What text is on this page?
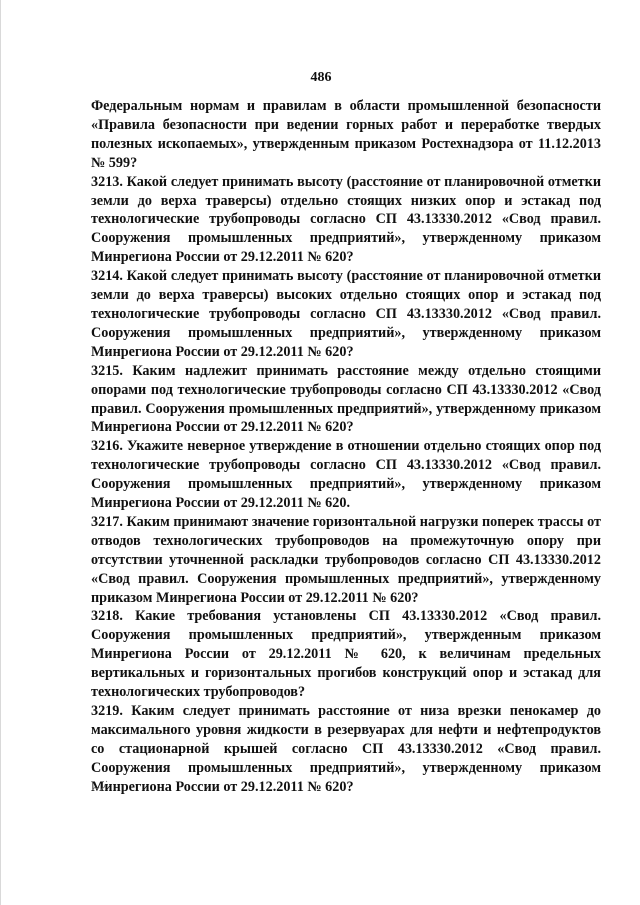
486

Федеральным нормам и правилам в области промышленной безопасности «Правила безопасности при ведении горных работ и переработке твердых полезных ископаемых», утвержденным приказом Ростехнадзора от 11.12.2013 № 599?

3213. Какой следует принимать высоту (расстояние от планировочной отметки земли до верха траверсы) отдельно стоящих низких опор и эстакад под технологические трубопроводы согласно СП 43.13330.2012 «Свод правил. Сооружения промышленных предприятий», утвержденному приказом Минрегиона России от 29.12.2011 № 620?

3214. Какой следует принимать высоту (расстояние от планировочной отметки земли до верха траверсы) высоких отдельно стоящих опор и эстакад под технологические трубопроводы согласно СП 43.13330.2012 «Свод правил. Сооружения промышленных предприятий», утвержденному приказом Минрегиона России от 29.12.2011 № 620?

3215. Каким надлежит принимать расстояние между отдельно стоящими опорами под технологические трубопроводы согласно СП 43.13330.2012 «Свод правил. Сооружения промышленных предприятий», утвержденному приказом Минрегиона России от 29.12.2011 № 620?

3216. Укажите неверное утверждение в отношении отдельно стоящих опор под технологические трубопроводы согласно СП 43.13330.2012 «Свод правил. Сооружения промышленных предприятий», утвержденному приказом Минрегиона России от 29.12.2011 № 620.

3217. Каким принимают значение горизонтальной нагрузки поперек трассы от отводов технологических трубопроводов на промежуточную опору при отсутствии уточненной раскладки трубопроводов согласно СП 43.13330.2012 «Свод правил. Сооружения промышленных предприятий», утвержденному приказом Минрегиона России от 29.12.2011 № 620?

3218. Какие требования установлены СП 43.13330.2012 «Свод правил. Сооружения промышленных предприятий», утвержденным приказом Минрегиона России от 29.12.2011 № 620, к величинам предельных вертикальных и горизонтальных прогибов конструкций опор и эстакад для технологических трубопроводов?

3219. Каким следует принимать расстояние от низа врезки пенокамер до максимального уровня жидкости в резервуарах для нефти и нефтепродуктов со стационарной крышей согласно СП 43.13330.2012 «Свод правил. Сооружения промышленных предприятий», утвержденному приказом Минрегиона России от 29.12.2011 № 620?
